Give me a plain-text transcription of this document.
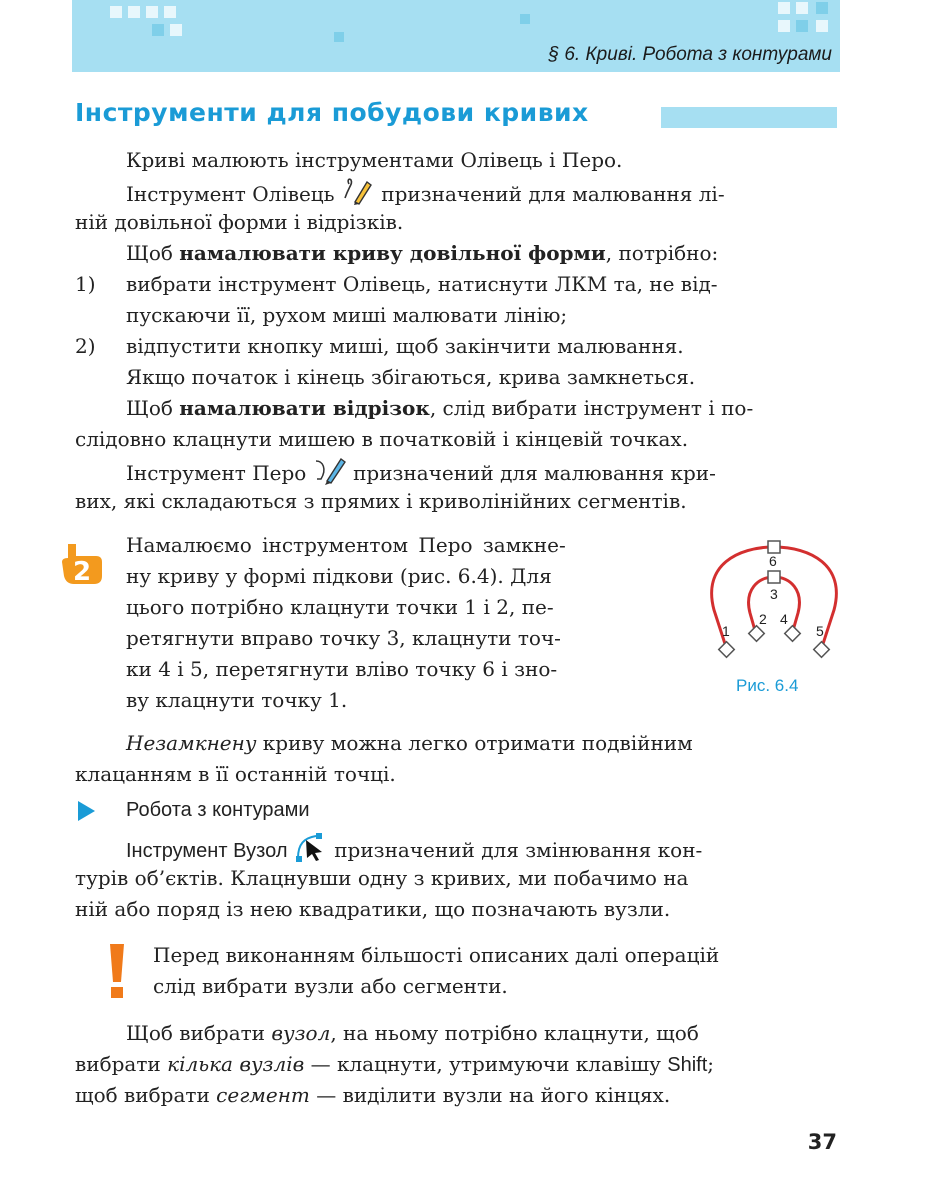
§ 6. Криві. Робота з контурами
Інструменти для побудови кривих
Криві малюють інструментами Олівець і Перо.
Інструмент Олівець призначений для малювання лі-
ній довільної форми і відрізків.
Щоб намалювати криву довільної форми, потрібно:
1) вибрати інструмент Олівець, натиснути ЛКМ та, не від-
пускаючи її, рухом миші малювати лінію;
2) відпустити кнопку миші, щоб закінчити малювання.
Якщо початок і кінець збігаються, крива замкнеться.
Щоб намалювати відрізок, слід вибрати інструмент і по-
слідовно клацнути мишею в початковій і кінцевій точках.
Інструмент Перо призначений для малювання кри-
вих, які складаються з прямих і криволінійних сегментів.
2
Намалюємо інструментом Перо замкне-
ну криву у формі підкови (рис. 6.4). Для
цього потрібно клацнути точки 1 і 2, пе-
ретягнути вправо точку 3, клацнути точ-
ки 4 і 5, перетягнути вліво точку 6 і зно-
ву клацнути точку 1.
1
2
3
4
5
6
Рис. 6.4
Незамкнену криву можна легко отримати подвійним
клацанням в її останній точці.
Робота з контурами
Інструмент Вузол призначений для змінювання кон-
турів об’єктів. Клацнувши одну з кривих, ми побачимо на
ній або поряд із нею квадратики, що позначають вузли.
Перед виконанням більшості описаних далі операцій
слід вибрати вузли або сегменти.
Щоб вибрати вузол, на ньому потрібно клацнути, щоб
вибрати кілька вузлів — клацнути, утримуючи клавішу Shift;
щоб вибрати сегмент — виділити вузли на його кінцях.
37
